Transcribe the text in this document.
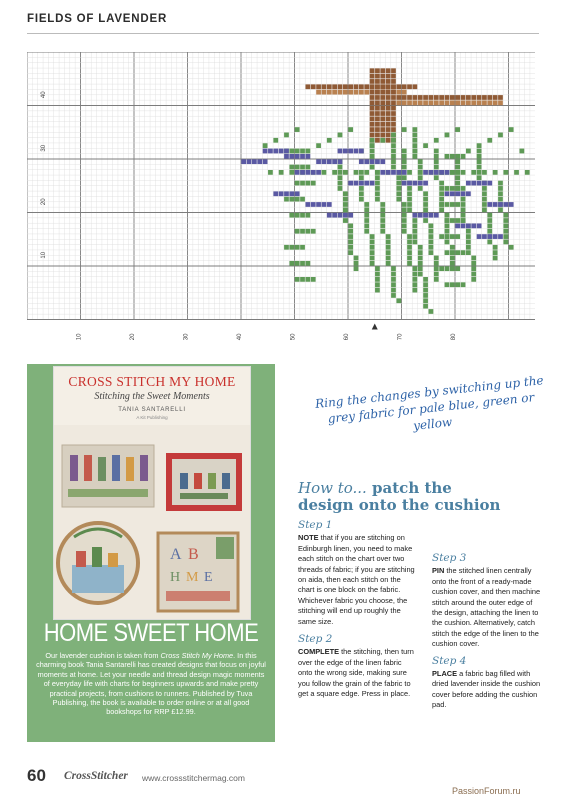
FIELDS OF LAVENDER
10	20	30	40	50	60	70	80
40
30
20
10
CROSS STITCH MY HOME
Stitching the Sweet Moments
TANIA SANTARELLI
A Kit Publishing
A B
H M E
HOME SWEET HOME
Our lavender cushion is taken from Cross Stitch My Home. In this charming book Tania Santarelli has created designs that focus on joyful moments at home. Let your needle and thread design magic moments of everyday life with charts for beginners upwards and make pretty practical projects, from cushions to runners. Published by Tuva Publishing, the book is available to order online or at all good bookshops for RRP £12.99.
Ring the changes by switching up the grey fabric for pale blue, green or yellow
How to... patch the
design onto the cushion
Step 1
NOTE that if you are stitching on Edinburgh linen, you need to make each stitch on the chart over two threads of fabric; if you are stitching on aida, then each stitch on the chart is one block on the fabric. Whichever fabric you choose, the stitching will end up roughly the same size.
Step 2
COMPLETE the stitching, then turn over the edge of the linen fabric onto the wrong side, making sure you follow the grain of the fabric to get a square edge. Press in place.
Step 3
PIN the stitched linen centrally onto the front of a ready-made cushion cover, and then machine stitch around the outer edge of the design, attaching the linen to the cushion. Alternatively, catch stitch the edge of the linen to the cushion cover.
Step 4
PLACE a fabric bag filled with dried lavender inside the cushion cover before adding the cushion pad.
60 CrossStitcher www.crossstitchermag.com
PassionForum.ru
